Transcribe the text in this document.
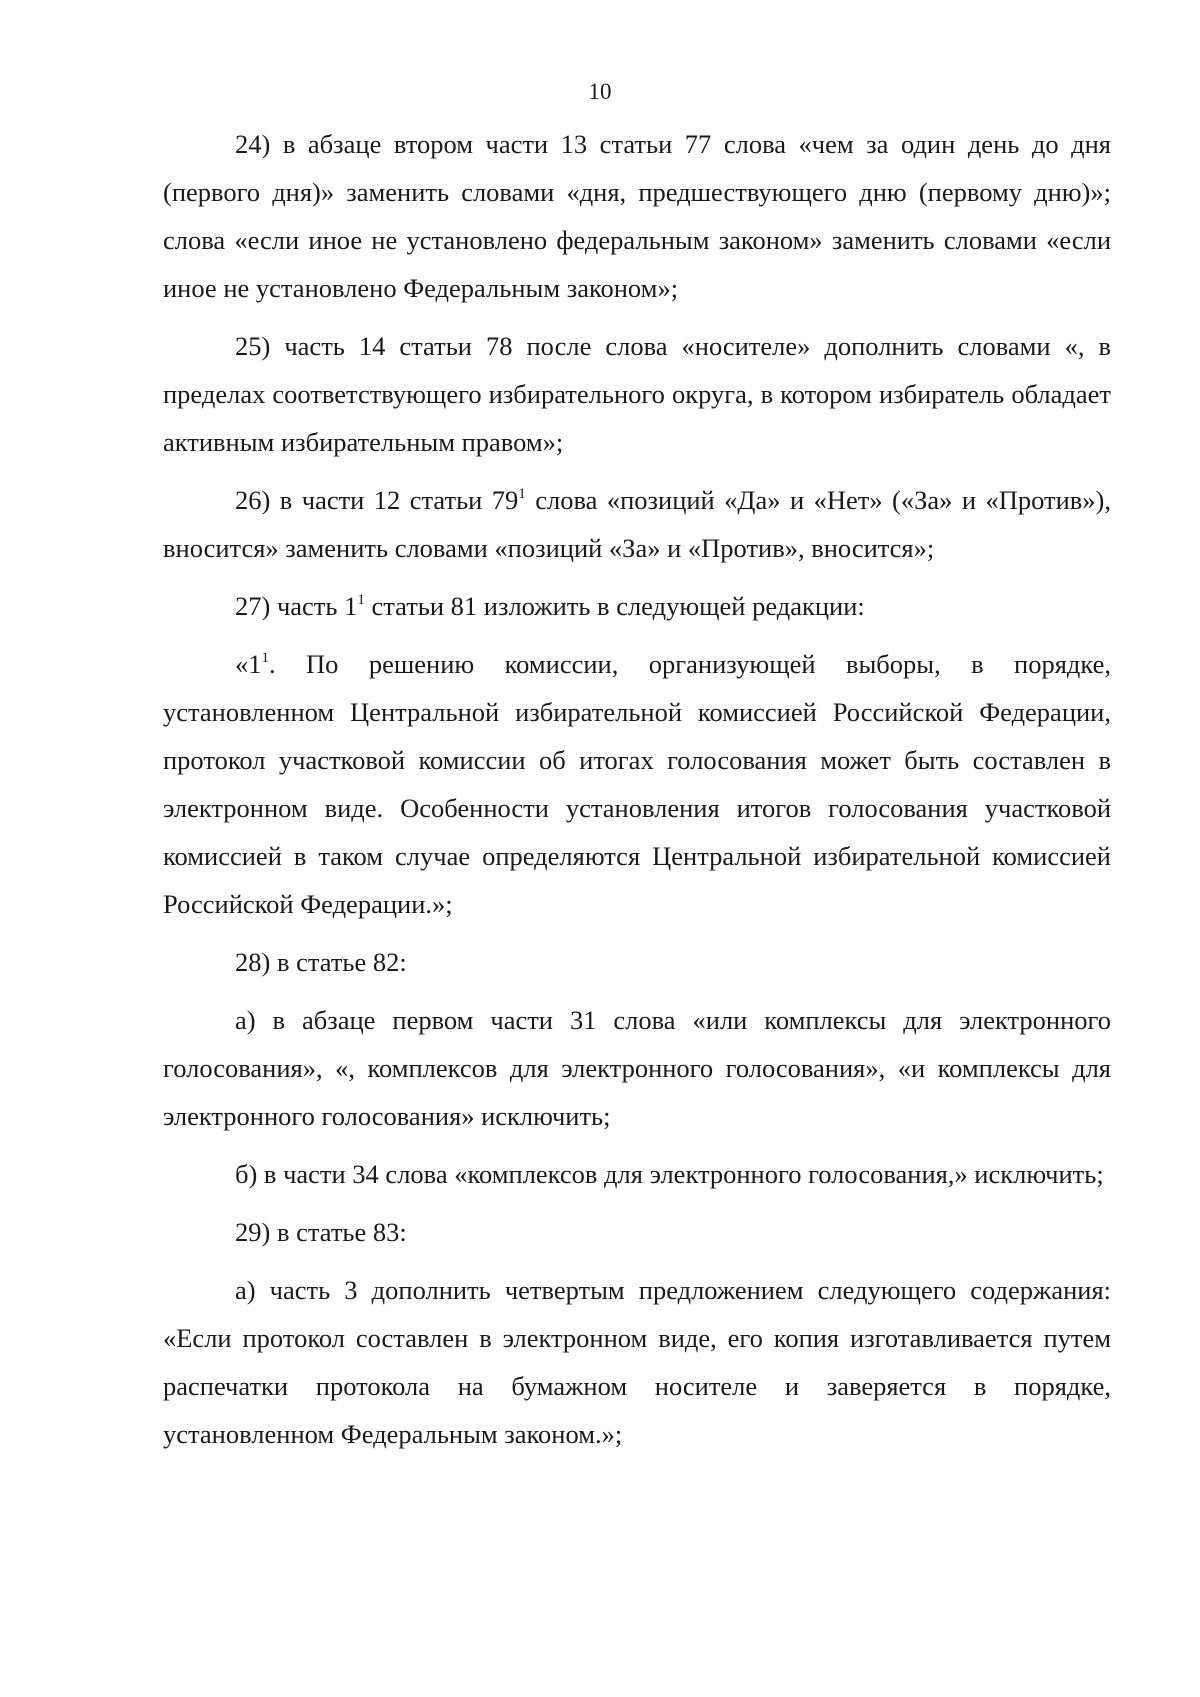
10

24) в абзаце втором части 13 статьи 77 слова «чем за один день до дня (первого дня)» заменить словами «дня, предшествующего дню (первому дню)»; слова «если иное не установлено федеральным законом» заменить словами «если иное не установлено Федеральным законом»;

25) часть 14 статьи 78 после слова «носителе» дополнить словами «, в пределах соответствующего избирательного округа, в котором избиратель обладает активным избирательным правом»;

26) в части 12 статьи $79^1$ слова «позиций «Да» и «Нет» («За» и «Против»), вносится» заменить словами «позиций «За» и «Против», вносится»;

27) часть $1^1$ статьи 81 изложить в следующей редакции:

«$1^1$. По решению комиссии, организующей выборы, в порядке, установленном Центральной избирательной комиссией Российской Федерации, протокол участковой комиссии об итогах голосования может быть составлен в электронном виде. Особенности установления итогов голосования участковой комиссией в таком случае определяются Центральной избирательной комиссией Российской Федерации.»;

28) в статье 82:

а) в абзаце первом части 31 слова «или комплексы для электронного голосования», «, комплексов для электронного голосования», «и комплексы для электронного голосования» исключить;

б) в части 34 слова «комплексов для электронного голосования,» исключить;

29) в статье 83:

а) часть 3 дополнить четвертым предложением следующего содержания: «Если протокол составлен в электронном виде, его копия изготавливается путем распечатки протокола на бумажном носителе и заверяется в порядке, установленном Федеральным законом.»;
